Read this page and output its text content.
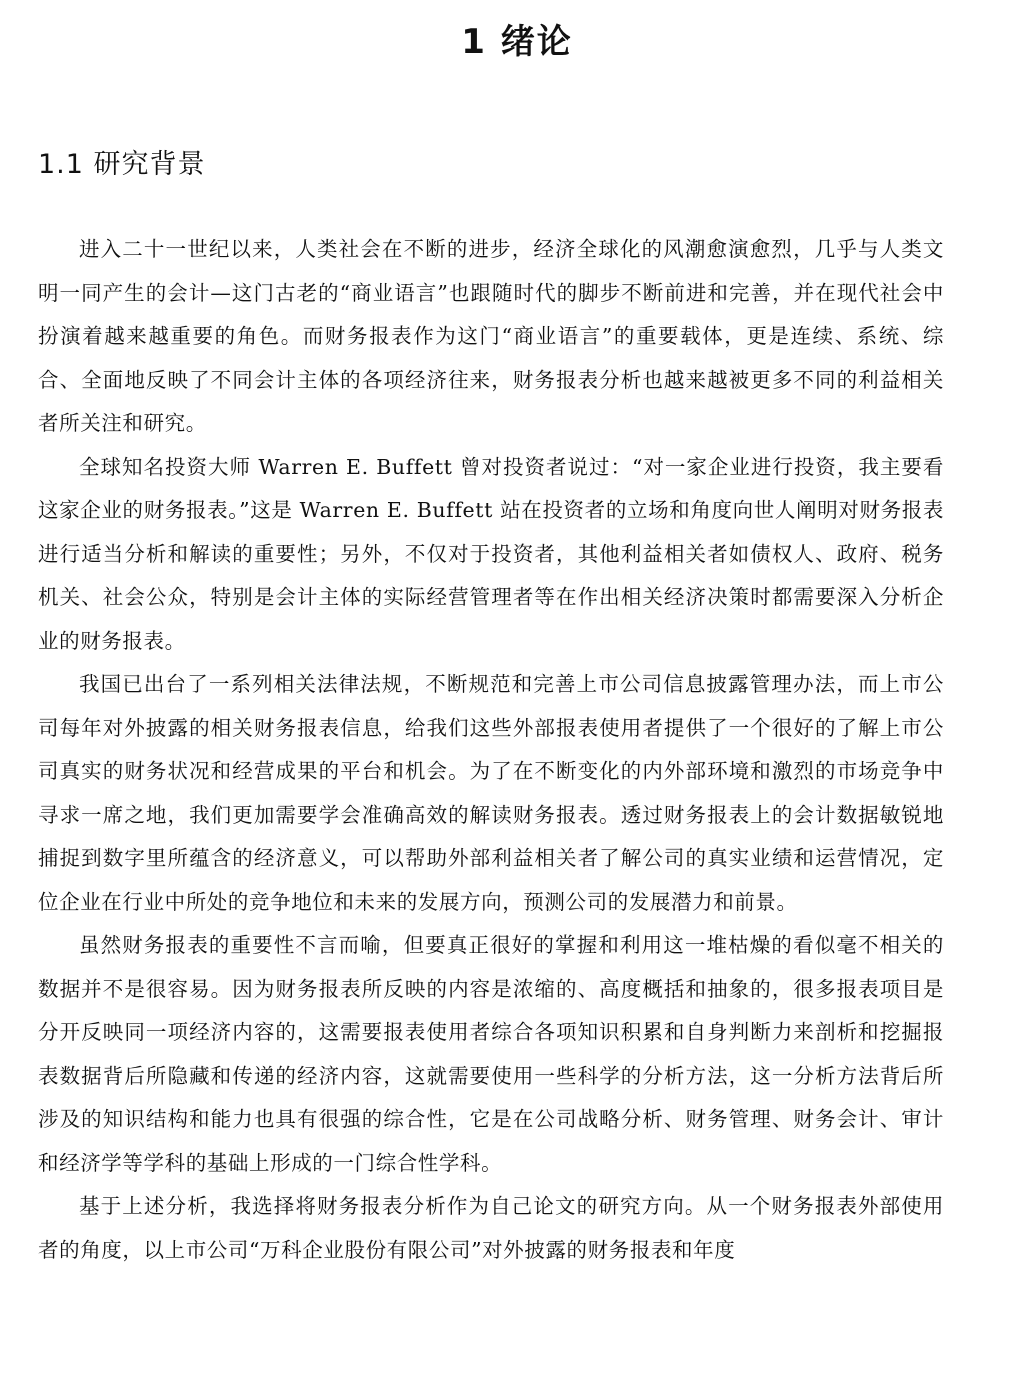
1 绪论
1.1 研究背景

进入二十一世纪以来，人类社会在不断的进步，经济全球化的风潮愈演愈烈，几乎与人类文明一同产生的会计—这门古老的“商业语言”也跟随时代的脚步不断前进和完善，并在现代社会中扮演着越来越重要的角色。而财务报表作为这门“商业语言”的重要载体，更是连续、系统、综合、全面地反映了不同会计主体的各项经济往来，财务报表分析也越来越被更多不同的利益相关者所关注和研究。

全球知名投资大师 Warren E. Buffett 曾对投资者说过：“对一家企业进行投资，我主要看这家企业的财务报表。”这是 Warren E. Buffett 站在投资者的立场和角度向世人阐明对财务报表进行适当分析和解读的重要性；另外，不仅对于投资者，其他利益相关者如债权人、政府、税务机关、社会公众，特别是会计主体的实际经营管理者等在作出相关经济决策时都需要深入分析企业的财务报表。

我国已出台了一系列相关法律法规，不断规范和完善上市公司信息披露管理办法，而上市公司每年对外披露的相关财务报表信息，给我们这些外部报表使用者提供了一个很好的了解上市公司真实的财务状况和经营成果的平台和机会。为了在不断变化的内外部环境和激烈的市场竞争中寻求一席之地，我们更加需要学会准确高效的解读财务报表。透过财务报表上的会计数据敏锐地捕捉到数字里所蕴含的经济意义，可以帮助外部利益相关者了解公司的真实业绩和运营情况，定位企业在行业中所处的竞争地位和未来的发展方向，预测公司的发展潜力和前景。

虽然财务报表的重要性不言而喻，但要真正很好的掌握和利用这一堆枯燥的看似毫不相关的数据并不是很容易。因为财务报表所反映的内容是浓缩的、高度概括和抽象的，很多报表项目是分开反映同一项经济内容的，这需要报表使用者综合各项知识积累和自身判断力来剖析和挖掘报表数据背后所隐藏和传递的经济内容，这就需要使用一些科学的分析方法，这一分析方法背后所涉及的知识结构和能力也具有很强的综合性，它是在公司战略分析、财务管理、财务会计、审计和经济学等学科的基础上形成的一门综合性学科。

基于上述分析，我选择将财务报表分析作为自己论文的研究方向。从一个财务报表外部使用者的角度，以上市公司“万科企业股份有限公司”对外披露的财务报表和年度
